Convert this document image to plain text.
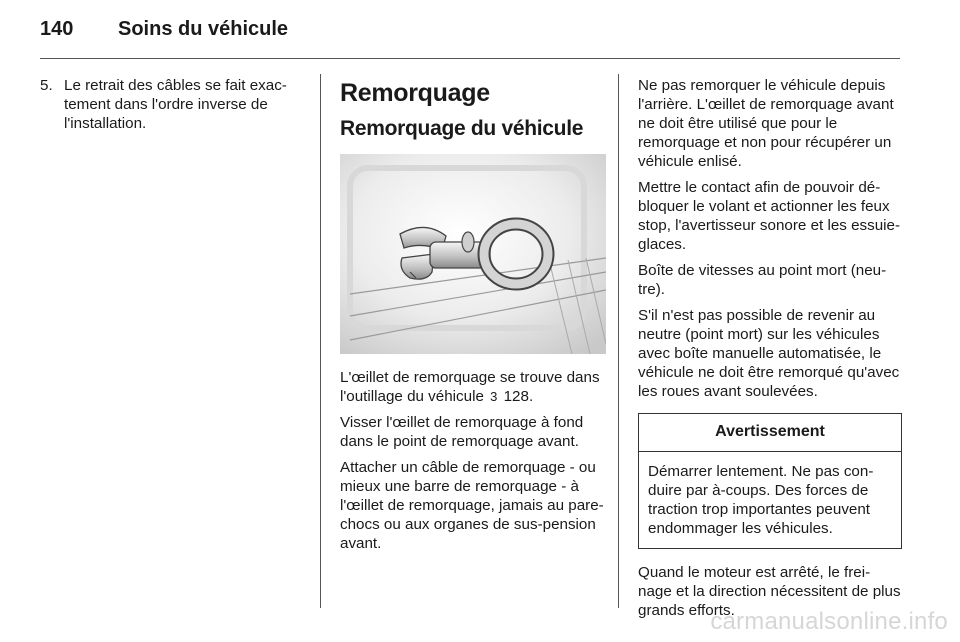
140 Soins du véhicule
5. Le retrait des câbles se fait exac-tement dans l'ordre inverse de l'installation.
Remorquage
Remorquage du véhicule

L'œillet de remorquage se trouve dans l'outillage du véhicule 3 128.

Visser l'œillet de remorquage à fond dans le point de remorquage avant.

Attacher un câble de remorquage - ou mieux une barre de remorquage - à l'œillet de remorquage, jamais au pare-chocs ou aux organes de sus-pension avant.

Ne pas remorquer le véhicule depuis l'arrière. L'œillet de remorquage avant ne doit être utilisé que pour le remorquage et non pour récupérer un véhicule enlisé.

Mettre le contact afin de pouvoir dé-bloquer le volant et actionner les feux stop, l'avertisseur sonore et les essuie-glaces.

Boîte de vitesses au point mort (neu-tre).

S'il n'est pas possible de revenir au neutre (point mort) sur les véhicules avec boîte manuelle automatisée, le véhicule ne doit être remorqué qu'avec les roues avant soulevées.

Avertissement
Démarrer lentement. Ne pas con-duire par à-coups. Des forces de traction trop importantes peuvent endommager les véhicules.

Quand le moteur est arrêté, le frei-nage et la direction nécessitent de plus grands efforts.

carmanualsonline.info
